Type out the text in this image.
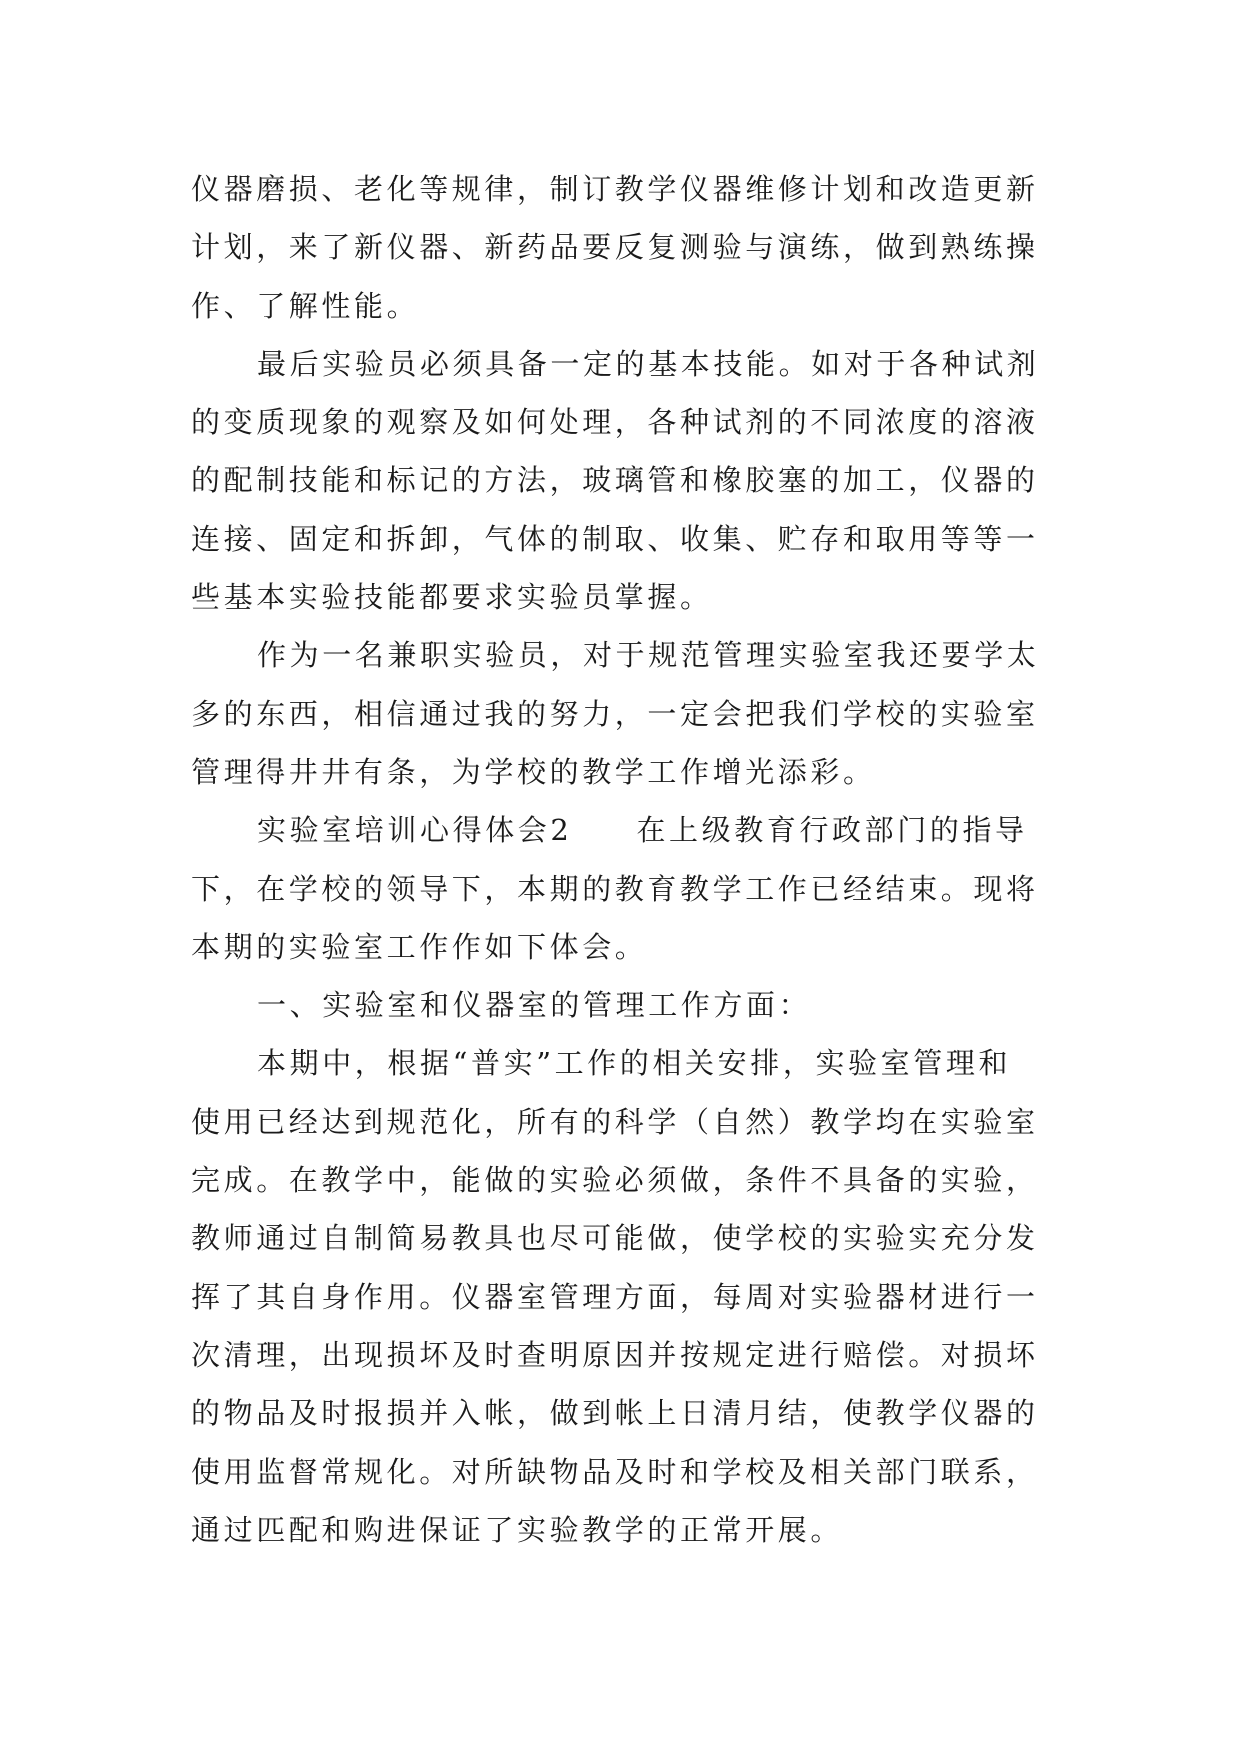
仪器磨损、老化等规律，制订教学仪器维修计划和改造更新
计划，来了新仪器、新药品要反复测验与演练，做到熟练操
作、了解性能。
最后实验员必须具备一定的基本技能。如对于各种试剂
的变质现象的观察及如何处理，各种试剂的不同浓度的溶液
的配制技能和标记的方法，玻璃管和橡胶塞的加工，仪器的
连接、固定和拆卸，气体的制取、收集、贮存和取用等等一
些基本实验技能都要求实验员掌握。
作为一名兼职实验员，对于规范管理实验室我还要学太
多的东西，相信通过我的努力，一定会把我们学校的实验室
管理得井井有条，为学校的教学工作增光添彩。
实验室培训心得体会2 在上级教育行政部门的指导
下，在学校的领导下，本期的教育教学工作已经结束。现将
本期的实验室工作作如下体会。
一、实验室和仪器室的管理工作方面：
本期中，根据“普实”工作的相关安排，实验室管理和
使用已经达到规范化，所有的科学（自然）教学均在实验室
完成。在教学中，能做的实验必须做，条件不具备的实验，
教师通过自制简易教具也尽可能做，使学校的实验实充分发
挥了其自身作用。仪器室管理方面，每周对实验器材进行一
次清理，出现损坏及时查明原因并按规定进行赔偿。对损坏
的物品及时报损并入帐，做到帐上日清月结，使教学仪器的
使用监督常规化。对所缺物品及时和学校及相关部门联系，
通过匹配和购进保证了实验教学的正常开展。
